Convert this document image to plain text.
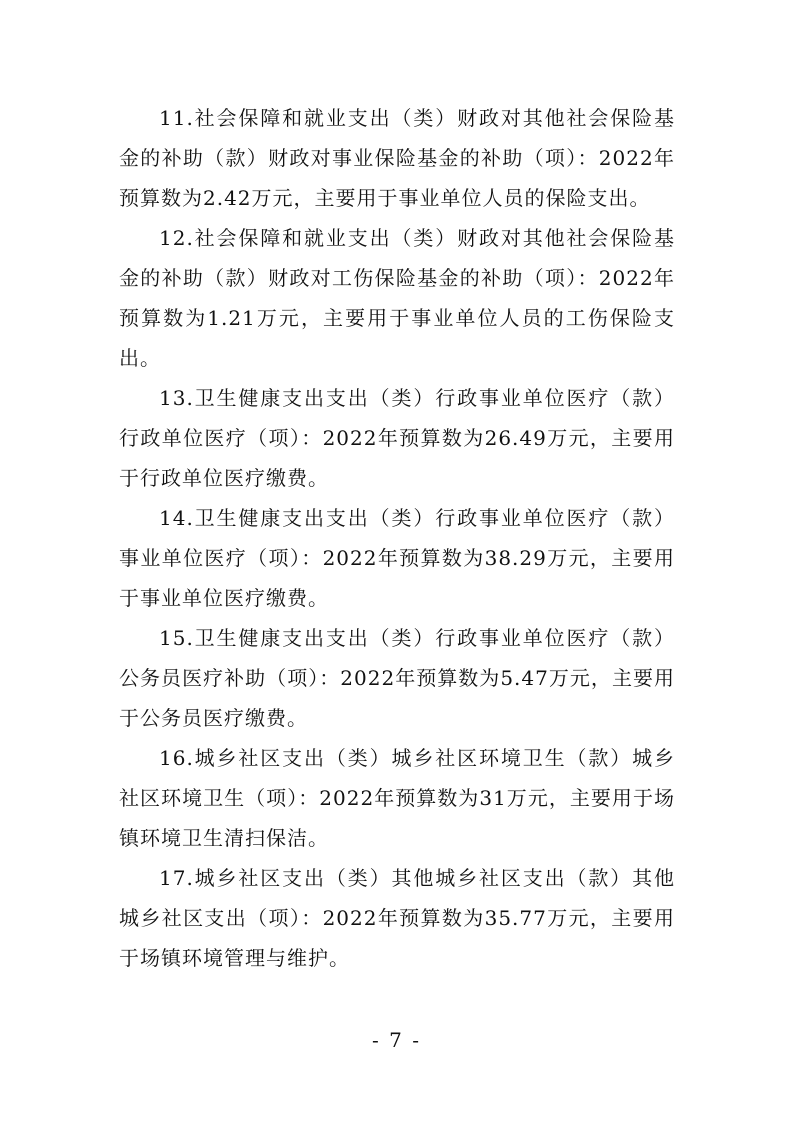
11.社会保障和就业支出（类）财政对其他社会保险基金的补助（款）财政对事业保险基金的补助（项）：2022年预算数为2.42万元，主要用于事业单位人员的保险支出。

12.社会保障和就业支出（类）财政对其他社会保险基金的补助（款）财政对工伤保险基金的补助（项）：2022年预算数为1.21万元，主要用于事业单位人员的工伤保险支出。

13.卫生健康支出支出（类）行政事业单位医疗（款）行政单位医疗（项）：2022年预算数为26.49万元，主要用于行政单位医疗缴费。

14.卫生健康支出支出（类）行政事业单位医疗（款）事业单位医疗（项）：2022年预算数为38.29万元，主要用于事业单位医疗缴费。

15.卫生健康支出支出（类）行政事业单位医疗（款）公务员医疗补助（项）：2022年预算数为5.47万元，主要用于公务员医疗缴费。

16.城乡社区支出（类）城乡社区环境卫生（款）城乡社区环境卫生（项）：2022年预算数为31万元，主要用于场镇环境卫生清扫保洁。

17.城乡社区支出（类）其他城乡社区支出（款）其他城乡社区支出（项）：2022年预算数为35.77万元，主要用于场镇环境管理与维护。

- 7 -
